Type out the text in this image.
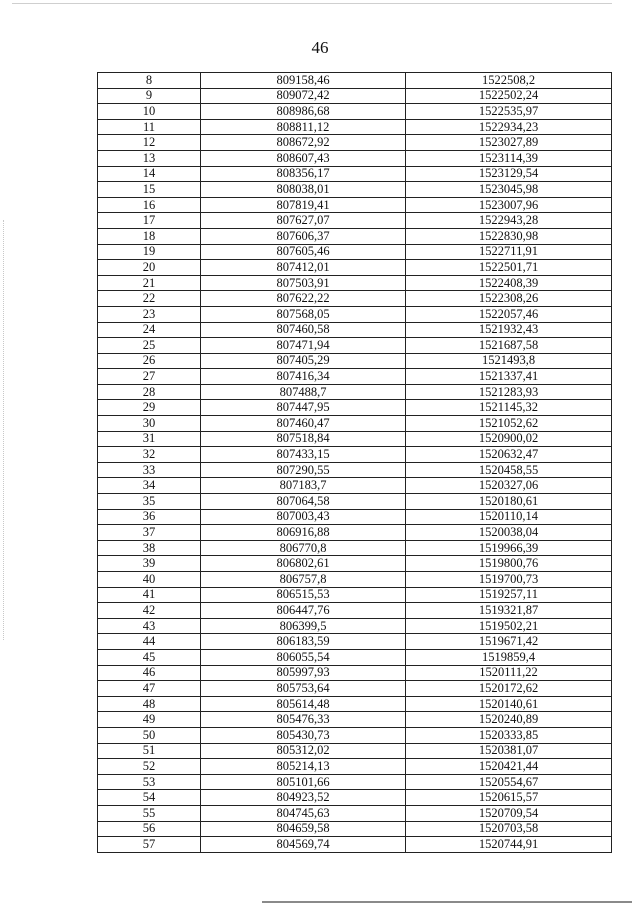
46
8	809158,46	1522508,2
9	809072,42	1522502,24
10	808986,68	1522535,97
11	808811,12	1522934,23
12	808672,92	1523027,89
13	808607,43	1523114,39
14	808356,17	1523129,54
15	808038,01	1523045,98
16	807819,41	1523007,96
17	807627,07	1522943,28
18	807606,37	1522830,98
19	807605,46	1522711,91
20	807412,01	1522501,71
21	807503,91	1522408,39
22	807622,22	1522308,26
23	807568,05	1522057,46
24	807460,58	1521932,43
25	807471,94	1521687,58
26	807405,29	1521493,8
27	807416,34	1521337,41
28	807488,7	1521283,93
29	807447,95	1521145,32
30	807460,47	1521052,62
31	807518,84	1520900,02
32	807433,15	1520632,47
33	807290,55	1520458,55
34	807183,7	1520327,06
35	807064,58	1520180,61
36	807003,43	1520110,14
37	806916,88	1520038,04
38	806770,8	1519966,39
39	806802,61	1519800,76
40	806757,8	1519700,73
41	806515,53	1519257,11
42	806447,76	1519321,87
43	806399,5	1519502,21
44	806183,59	1519671,42
45	806055,54	1519859,4
46	805997,93	1520111,22
47	805753,64	1520172,62
48	805614,48	1520140,61
49	805476,33	1520240,89
50	805430,73	1520333,85
51	805312,02	1520381,07
52	805214,13	1520421,44
53	805101,66	1520554,67
54	804923,52	1520615,57
55	804745,63	1520709,54
56	804659,58	1520703,58
57	804569,74	1520744,91
